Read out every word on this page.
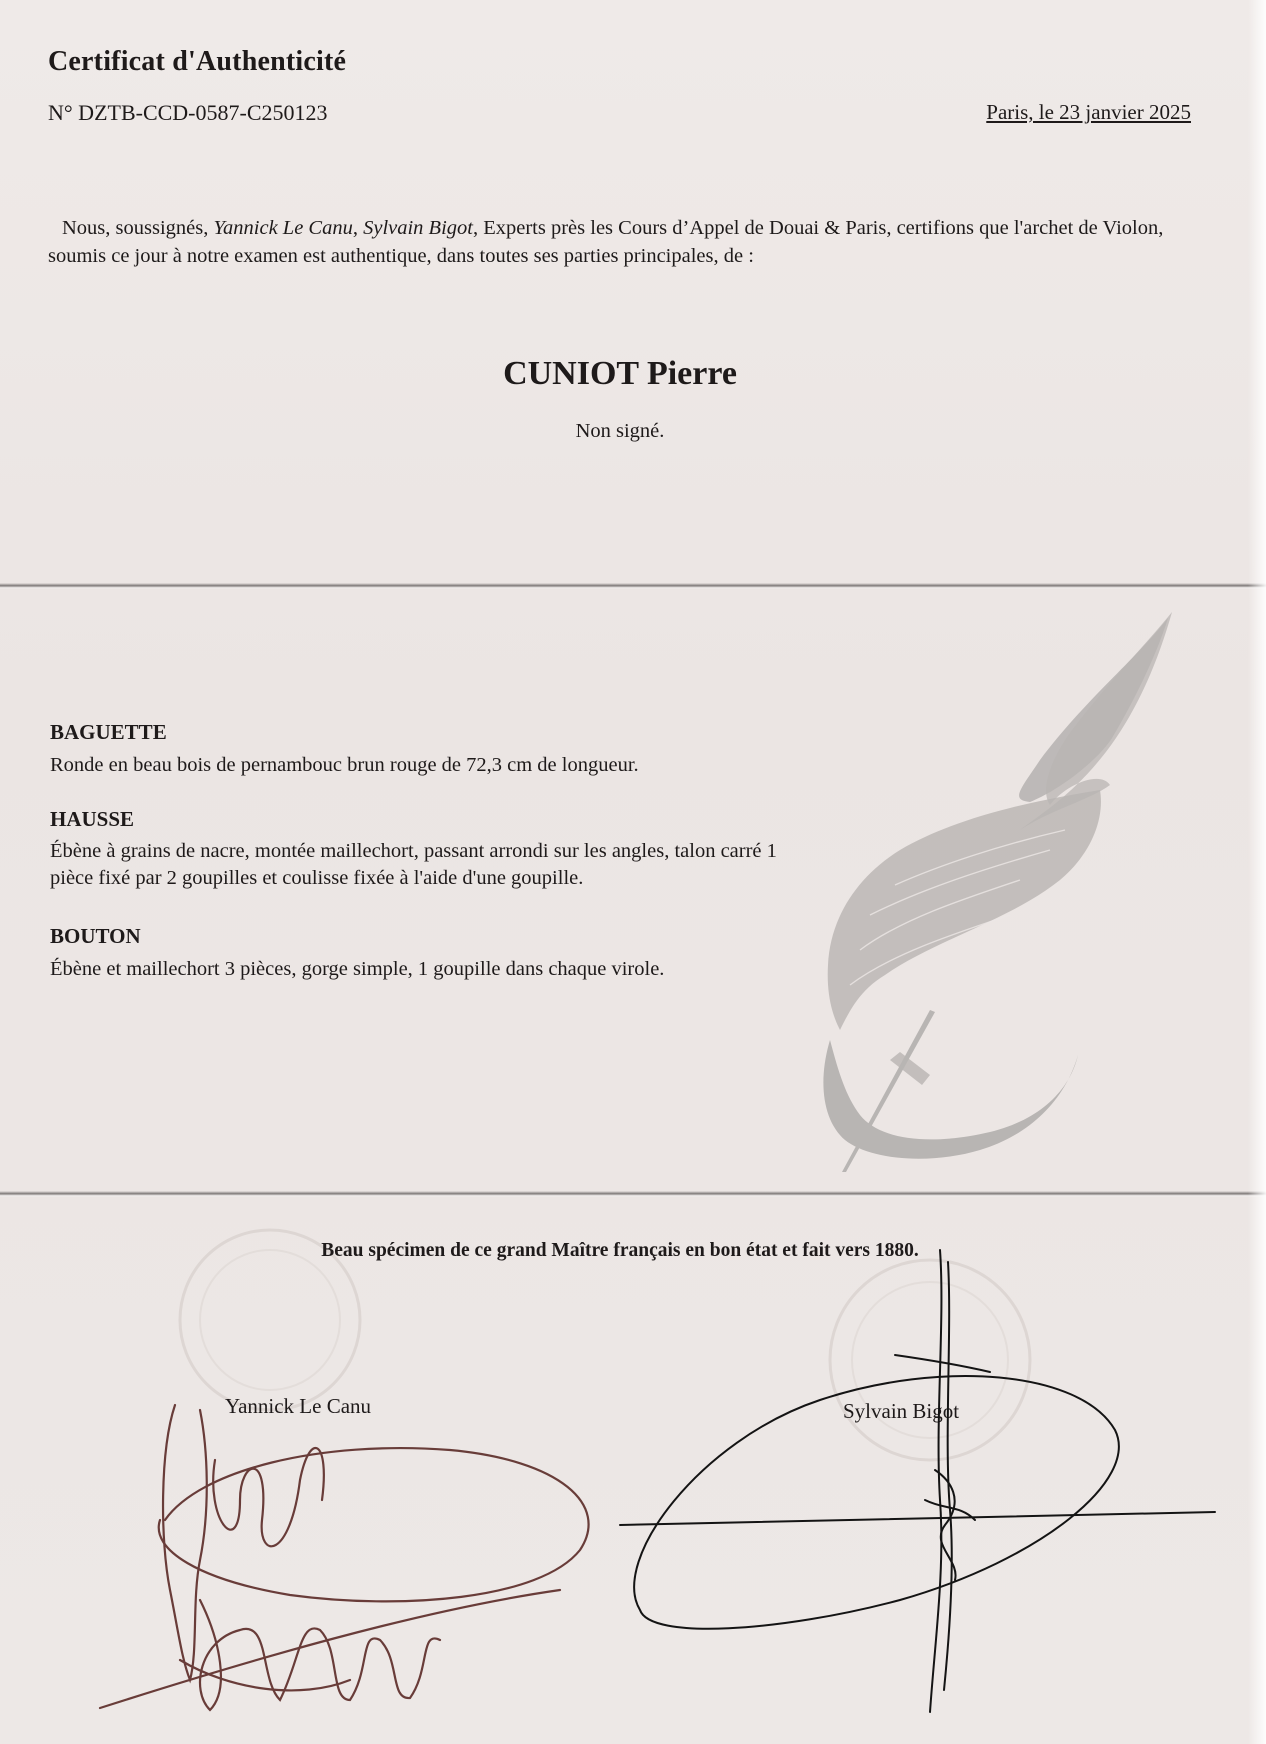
Certificat d'Authenticité
N° DZTB-CCD-0587-C250123	Paris, le 23 janvier 2025
Nous, soussignés, Yannick Le Canu, Sylvain Bigot, Experts près les Cours d’Appel de Douai & Paris, certifions que l'archet de Violon, soumis ce jour à notre examen est authentique, dans toutes ses parties principales, de :
CUNIOT Pierre
Non signé.
BAGUETTE
Ronde en beau bois de pernambouc brun rouge de 72,3 cm de longueur.
HAUSSE
Ébène à grains de nacre, montée maillechort, passant arrondi sur les angles, talon carré 1 pièce fixé par 2 goupilles et coulisse fixée à l'aide d'une goupille.
BOUTON
Ébène et maillechort 3 pièces, gorge simple, 1 goupille dans chaque virole.
Beau spécimen de ce grand Maître français en bon état et fait vers 1880.
Yannick Le Canu	Sylvain Bigot
